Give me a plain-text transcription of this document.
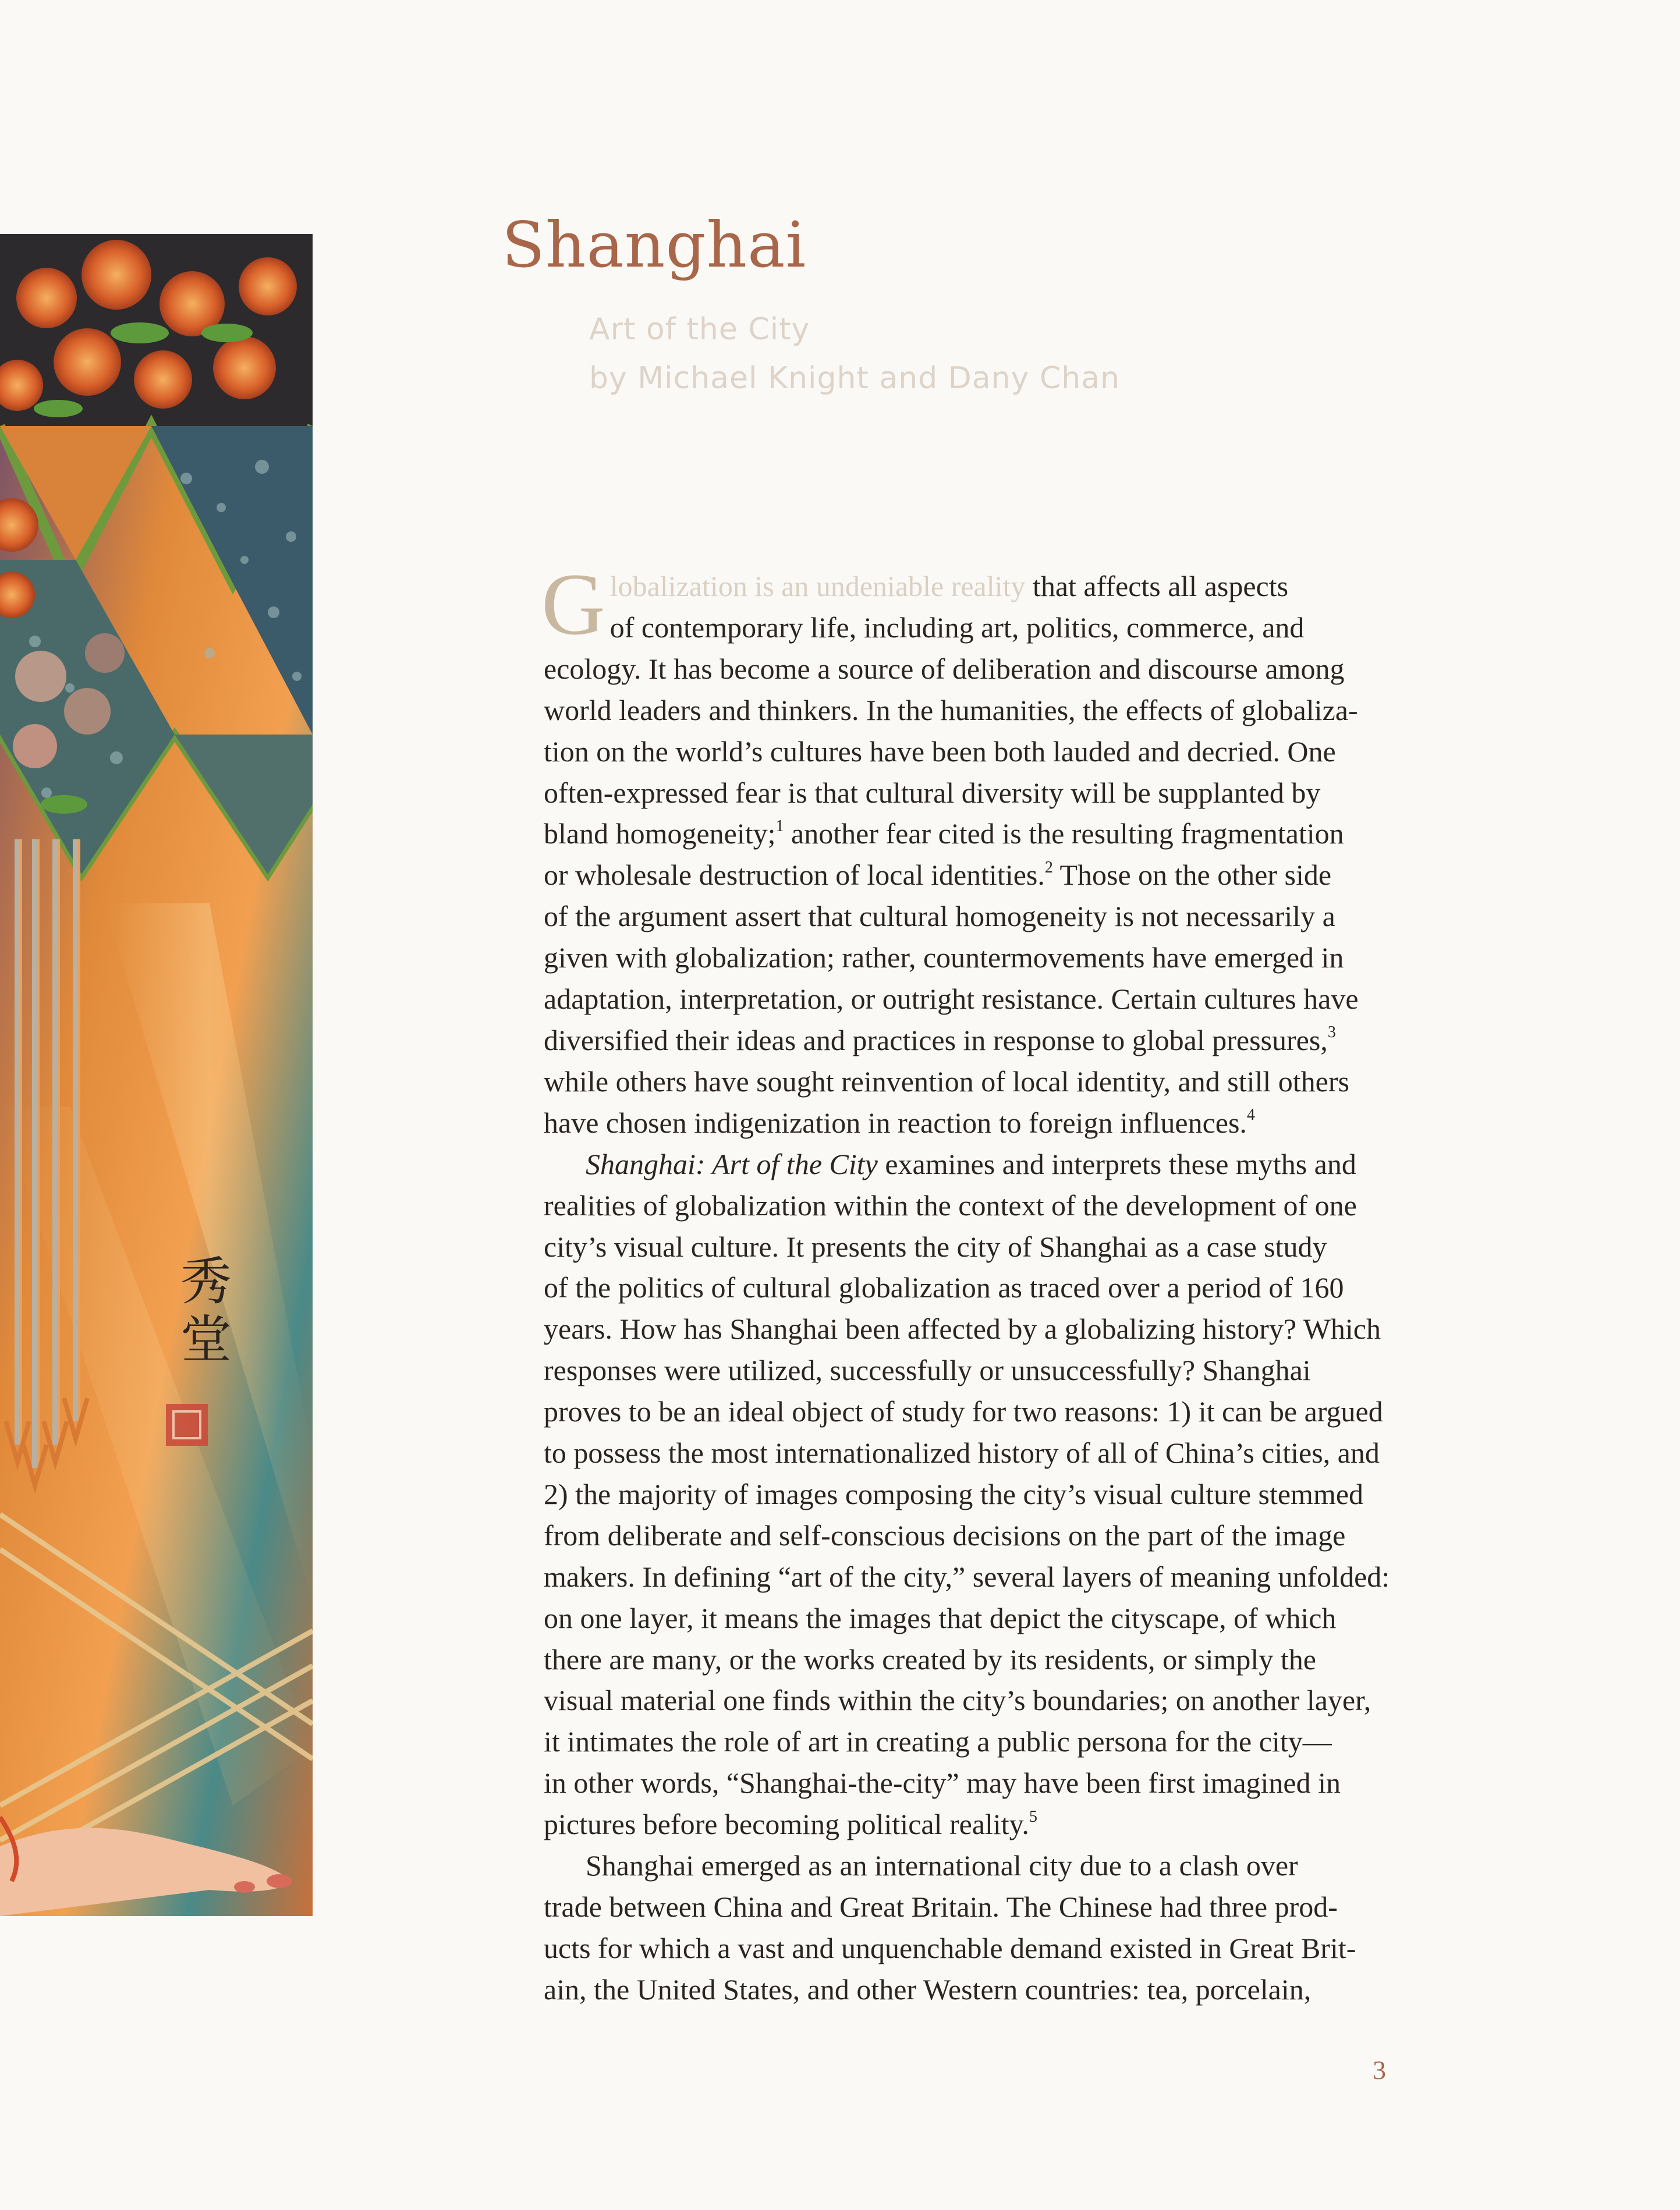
秀
堂
Shanghai

Art of the City

by Michael Knight and Dany Chan

G lobalization is an undeniable reality that affects all aspects
of contemporary life, including art, politics, commerce, and
ecology. It has become a source of deliberation and discourse among
world leaders and thinkers. In the humanities, the effects of globaliza-
tion on the world’s cultures have been both lauded and decried. One
often-expressed fear is that cultural diversity will be supplanted by
bland homogeneity;$^1$ another fear cited is the resulting fragmentation
or wholesale destruction of local identities.$^2$ Those on the other side
of the argument assert that cultural homogeneity is not necessarily a
given with globalization; rather, countermovements have emerged in
adaptation, interpretation, or outright resistance. Certain cultures have
diversified their ideas and practices in response to global pressures,$^3$
while others have sought reinvention of local identity, and still others
have chosen indigenization in reaction to foreign influences.$^4$

Shanghai: Art of the City examines and interprets these myths and
realities of globalization within the context of the development of one
city’s visual culture. It presents the city of Shanghai as a case study
of the politics of cultural globalization as traced over a period of 160
years. How has Shanghai been affected by a globalizing history? Which
responses were utilized, successfully or unsuccessfully? Shanghai
proves to be an ideal object of study for two reasons: 1) it can be argued
to possess the most internationalized history of all of China’s cities, and
2) the majority of images composing the city’s visual culture stemmed
from deliberate and self-conscious decisions on the part of the image
makers. In defining “art of the city,” several layers of meaning unfolded:
on one layer, it means the images that depict the cityscape, of which
there are many, or the works created by its residents, or simply the
visual material one finds within the city’s boundaries; on another layer,
it intimates the role of art in creating a public persona for the city—
in other words, “Shanghai-the-city” may have been first imagined in
pictures before becoming political reality.$^5$

Shanghai emerged as an international city due to a clash over
trade between China and Great Britain. The Chinese had three prod-
ucts for which a vast and unquenchable demand existed in Great Brit-
ain, the United States, and other Western countries: tea, porcelain,

3
